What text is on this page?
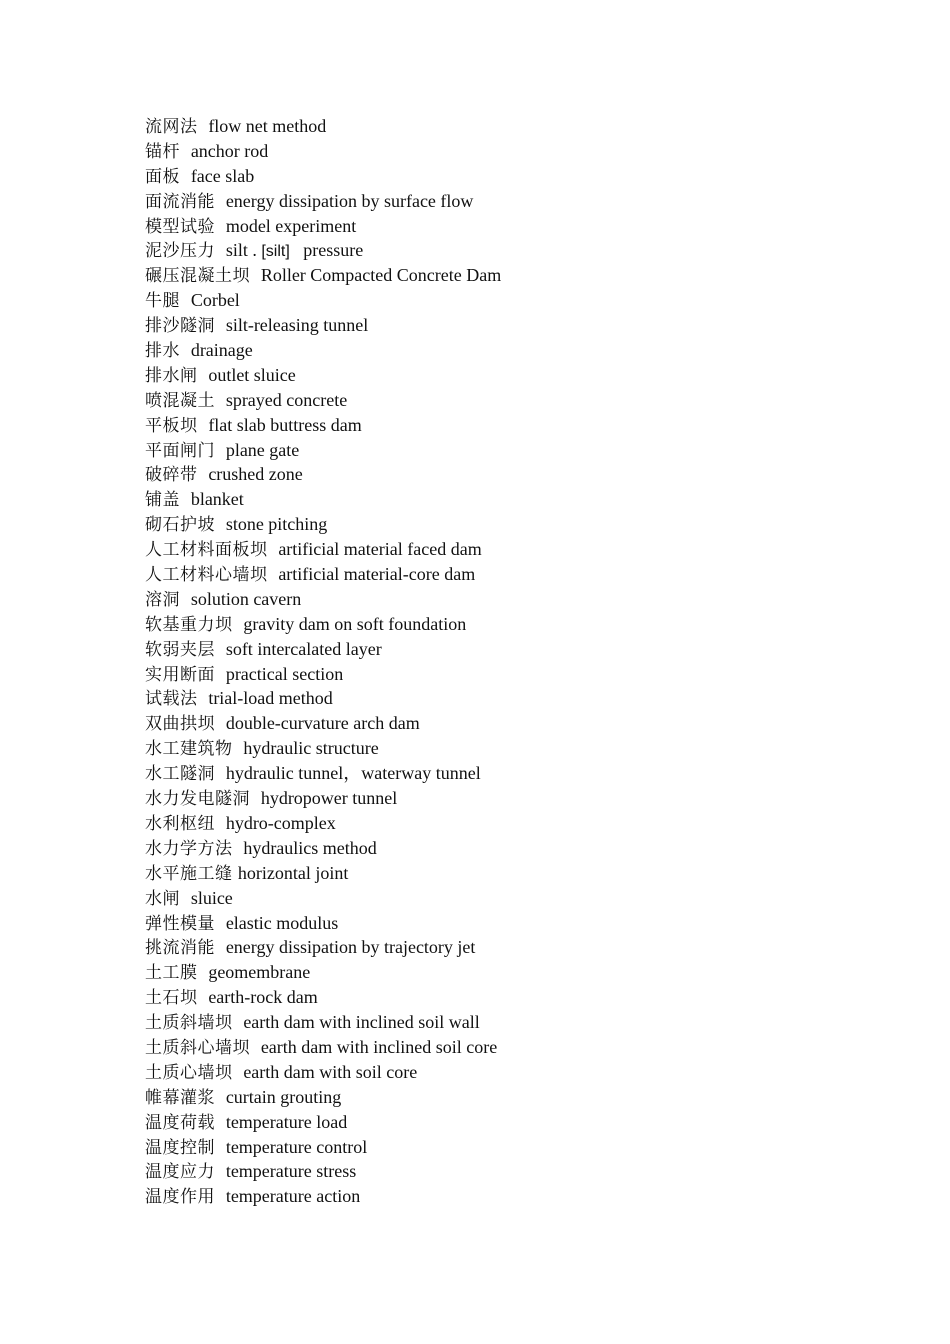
流网法 flow net method
锚杆 anchor rod
面板 face slab
面流消能 energy dissipation by surface flow
模型试验 model experiment
泥沙压力 silt . [silt]   pressure
碾压混凝土坝 Roller Compacted Concrete Dam
牛腿 Corbel
排沙隧洞 silt-releasing tunnel
排水 drainage
排水闸 outlet sluice
喷混凝土 sprayed concrete
平板坝 flat slab buttress dam
平面闸门 plane gate
破碎带 crushed zone
铺盖 blanket
砌石护坡 stone pitching
人工材料面板坝 artificial material faced dam
人工材料心墙坝 artificial material-core dam
溶洞 solution cavern
软基重力坝 gravity dam on soft foundation
软弱夹层 soft intercalated layer
实用断面 practical section
试载法 trial-load method
双曲拱坝 double-curvature arch dam
水工建筑物 hydraulic structure
水工隧洞 hydraulic tunnel，waterway tunnel
水力发电隧洞 hydropower tunnel
水利枢纽 hydro-complex
水力学方法 hydraulics method
水平施工缝 horizontal joint
水闸 sluice
弹性模量 elastic modulus
挑流消能 energy dissipation by trajectory jet
土工膜 geomembrane
土石坝 earth-rock dam
土质斜墙坝 earth dam with inclined soil wall
土质斜心墙坝 earth dam with inclined soil core
土质心墙坝 earth dam with soil core
帷幕灌浆 curtain grouting
温度荷载 temperature load
温度控制 temperature control
温度应力 temperature stress
温度作用 temperature action
